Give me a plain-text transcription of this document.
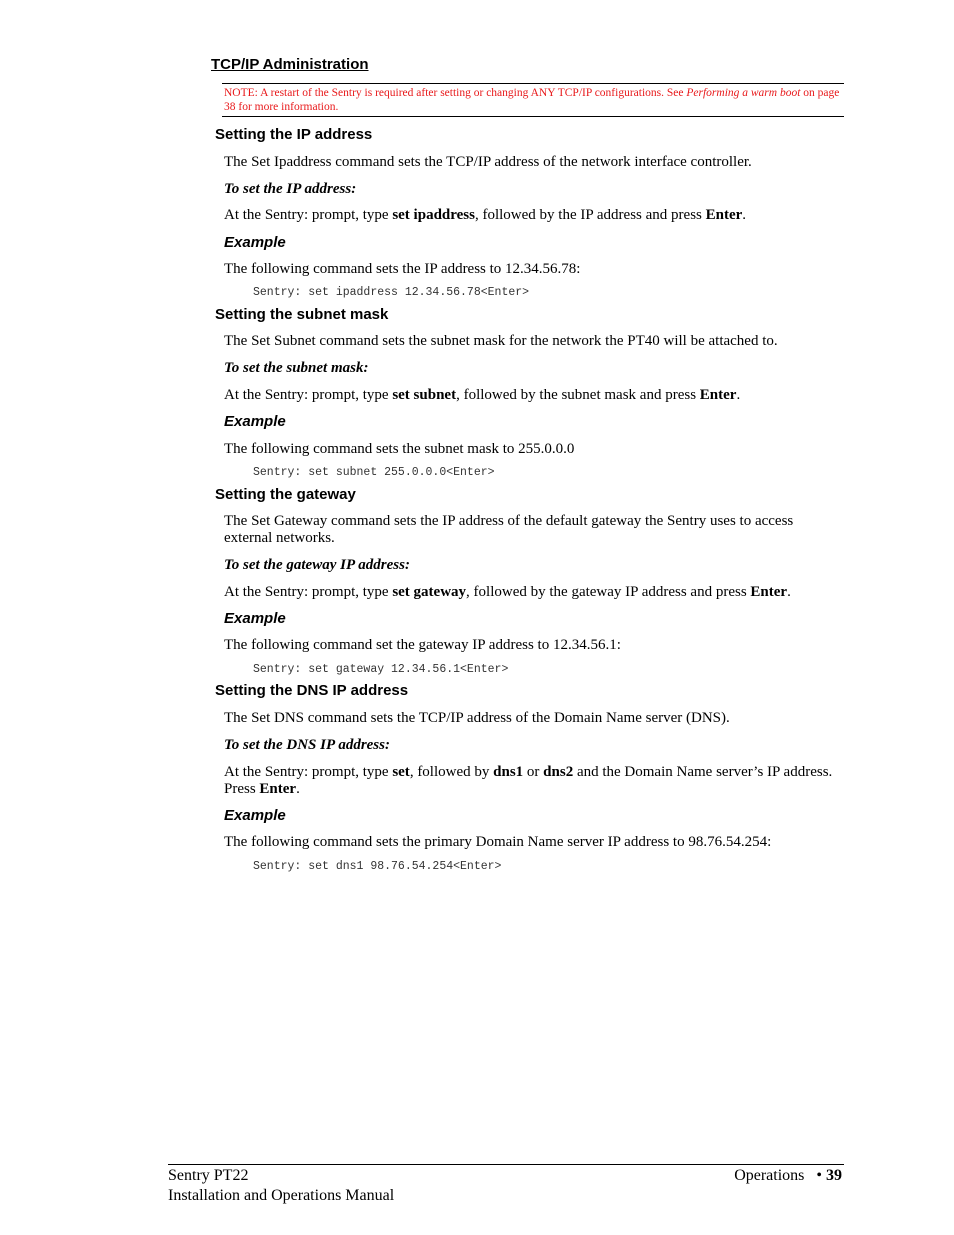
TCP/IP Administration
NOTE: A restart of the Sentry is required after setting or changing ANY TCP/IP configurations. See Performing a warm boot on page 38 for more information.
Setting the IP address
The Set Ipaddress command sets the TCP/IP address of the network interface controller.
To set the IP address:
At the Sentry: prompt, type set ipaddress, followed by the IP address and press Enter.
Example
The following command sets the IP address to 12.34.56.78:
Sentry: set ipaddress 12.34.56.78<Enter>
Setting the subnet mask
The Set Subnet command sets the subnet mask for the network the PT40 will be attached to.
To set the subnet mask:
At the Sentry: prompt, type set subnet, followed by the subnet mask and press Enter.
Example
The following command sets the subnet mask to 255.0.0.0
Sentry: set subnet 255.0.0.0<Enter>
Setting the gateway
The Set Gateway command sets the IP address of the default gateway the Sentry uses to access external networks.
To set the gateway IP address:
At the Sentry: prompt, type set gateway, followed by the gateway IP address and press Enter.
Example
The following command set the gateway IP address to 12.34.56.1:
Sentry: set gateway 12.34.56.1<Enter>
Setting the DNS IP address
The Set DNS command sets the TCP/IP address of the Domain Name server (DNS).
To set the DNS IP address:
At the Sentry: prompt, type set, followed by dns1 or dns2 and the Domain Name server’s IP address. Press Enter.
Example
The following command sets the primary Domain Name server IP address to 98.76.54.254:
Sentry: set dns1 98.76.54.254<Enter>
Sentry PT22
Installation and Operations Manual
Operations • 39
